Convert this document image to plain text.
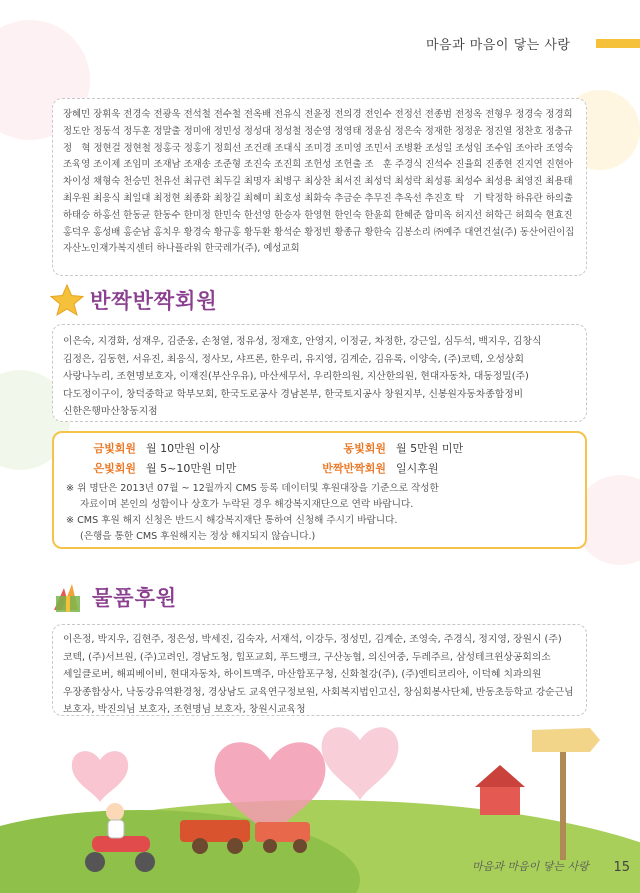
마음과 마음이 닿는 사랑

장혜민 장휘욱 전경숙 전광욱 전석철 전수철 전옥배 전유식 전윤정 전의경 전인수 전정선 전종범 전정옥 전형우 정경숙 정경희 정도안 정동석 정두훈 정말출 정미애 정민성 정성대 정성철 정순영 정영태 정윤심 정은숙 정재한 정정운 정진열 정찬호 정충규 정　혁 정현걸 정현철 정홍국 정홍기 정희선 조건래 조대식 조미경 조미영 조민서 조병환 조성일 조성임 조수임 조아라 조영숙 조육영 조이제 조임미 조재남 조재송 조준형 조진숙 조진희 조헌성 조헌출 조　훈 주경식 진석수 진율희 진종현 진지연 진현아 차이성 채형숙 천승민 천유선 최규련 최두길 최명자 최병구 최상찬 최서진 최성덕 최성락 최성룡 최성수 최성용 최영진 최용태 최우원 최응식 최일대 최정현 최종화 최창길 최혜미 최호성 최화숙 추금순 추무진 추옥선 추진호 탁　기 탁정학 하유란 하의출 하태승 하홍선 한동균 한동수 한미정 한민숙 한선영 한승자 한영현 한인숙 한윤희 한혜준 함미옥 허지선 허학근 허희숙 현효진 홍덕우 홍성배 홍순남 홍치우 황경숙 황규홍 황두환 황석순 황정빈 황종규 황한숙 김봉소리 ㈜예주 대연건설(주) 동산어린이집 자산노인재가복지센터 하나플라워 한국레가(주), 예성교회

반짝반짝회원

이은숙, 지경화, 성재우, 김준웅, 손청열, 정유성, 정재호, 안영지, 이정균, 차정한, 강근일, 심두석, 백지우, 김창식 김정은, 김동현, 서유진, 최응식, 정사모, 샤프론, 한우리, 유지영, 김계순, 김유록, 이양숙, (주)코텍, 오성상회 사랑나누리, 조현명보호자, 이재진(부산우유), 마산세무서, 우리한의원, 지산한의원, 현대자동차, 대동정밀(주) 다도정이구이, 창덕중학교 학부모회, 한국도로공사 경남본부, 한국토지공사 창원지부, 신봉원자동차종합정비 신한은행마산창동지점

금빛회원 월 10만원 이상	동빛회원 월 5만원 미만
은빛회원 월 5~10만원 미만	반짝반짝회원 일시후원
※ 위 명단은 2013년 07월 ~ 12월까지 CMS 등록 데이터및 후원대장을 기준으로 작성한
자료이며 본인의 성함이나 상호가 누락된 경우 해강복지재단으로 연락 바랍니다.
※ CMS 후원 해지 신청은 반드시 해강복지재단 통하여 신청해 주시기 바랍니다.
(은행을 통한 CMS 후원해지는 정상 해지되지 않습니다.)
물품후원

이은정, 박지우, 김현주, 정은성, 박세진, 김숙자, 서재석, 이강두, 정성민, 김계순, 조영숙, 주경식, 정지영, 장원시 (주)코텍, (주)서브원, (주)고려인, 경남도청, 힙포교회, 푸드뱅크, 구산농협, 의신여중, 두레주르, 삼성테크윈상공회의소 세일클로버, 해피베이비, 현대자동차, 하이트맥주, 마산합포구청, 신화철강(주), (주)엔티코리아, 이덕혜 치과의원 우장종합상사, 낙동강유역환경청, 경상남도 교육연구정보원, 사회복지법인고신, 창심회봉사단체, 반동초등학교 강순근님 보호자, 박진의님 보호자, 조현명님 보호자, 창원시교육청

마음과 마음이 닿는 사랑 15
